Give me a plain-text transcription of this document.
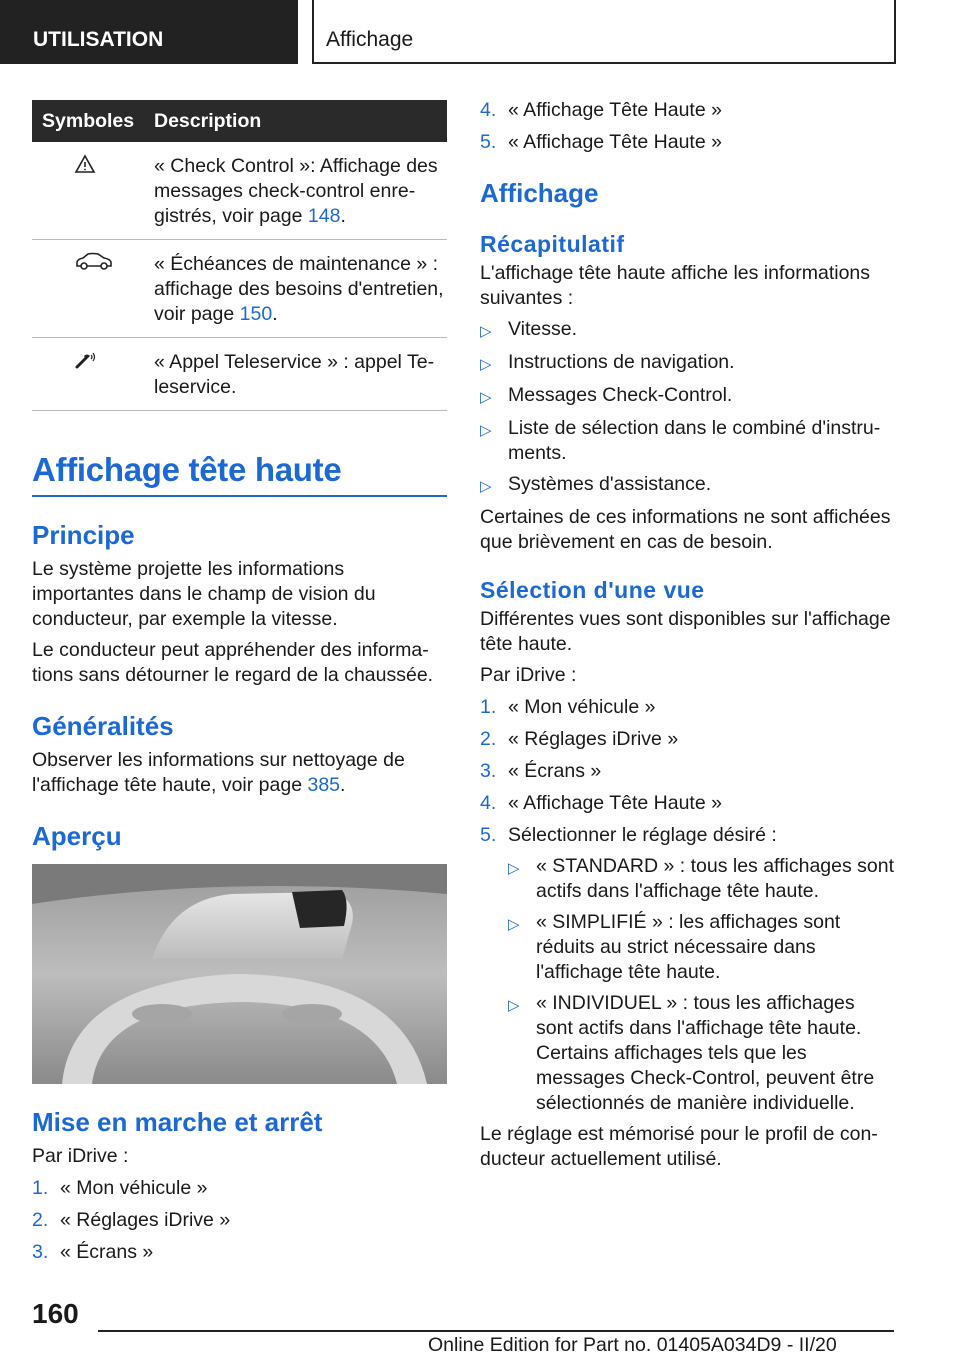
UTILISATION	Affichage
Symboles	Description
	« Check Control »: Affichage des messages check-control enregistrés, voir page 148.
	« Échéances de maintenance » : affichage des besoins d'entretien, voir page 150.
	« Appel Teleservice » : appel Teleservice.
Affichage tête haute
Principe

Le système projette les informations importantes dans le champ de vision du conducteur, par exemple la vitesse.

Le conducteur peut appréhender des informations sans détourner le regard de la chaussée.

Généralités

Observer les informations sur nettoyage de l'affichage tête haute, voir page 385.

Aperçu
Mise en marche et arrêt

Par iDrive :

1. « Mon véhicule »
2. « Réglages iDrive »
3. « Écrans »
4. « Affichage Tête Haute »
5. « Affichage Tête Haute »
Affichage
Récapitulatif

L'affichage tête haute affiche les informations suivantes :

▷ Vitesse.
▷ Instructions de navigation.
▷ Messages Check-Control.
▷ Liste de sélection dans le combiné d'instruments.
▷ Systèmes d'assistance.

Certaines de ces informations ne sont affichées que brièvement en cas de besoin.

Sélection d'une vue

Différentes vues sont disponibles sur l'affichage tête haute.

Par iDrive :

1. « Mon véhicule »
2. « Réglages iDrive »
3. « Écrans »
4. « Affichage Tête Haute »
5. Sélectionner le réglage désiré :
▷ « STANDARD » : tous les affichages sont actifs dans l'affichage tête haute.
▷ « SIMPLIFIÉ » : les affichages sont réduits au strict nécessaire dans l'affichage tête haute.
▷ « INDIVIDUEL » : tous les affichages sont actifs dans l'affichage tête haute. Certains affichages tels que les messages Check-Control, peuvent être sélectionnés de manière individuelle.

Le réglage est mémorisé pour le profil de conducteur actuellement utilisé.

160
Online Edition for Part no. 01405A034D9 - II/20
